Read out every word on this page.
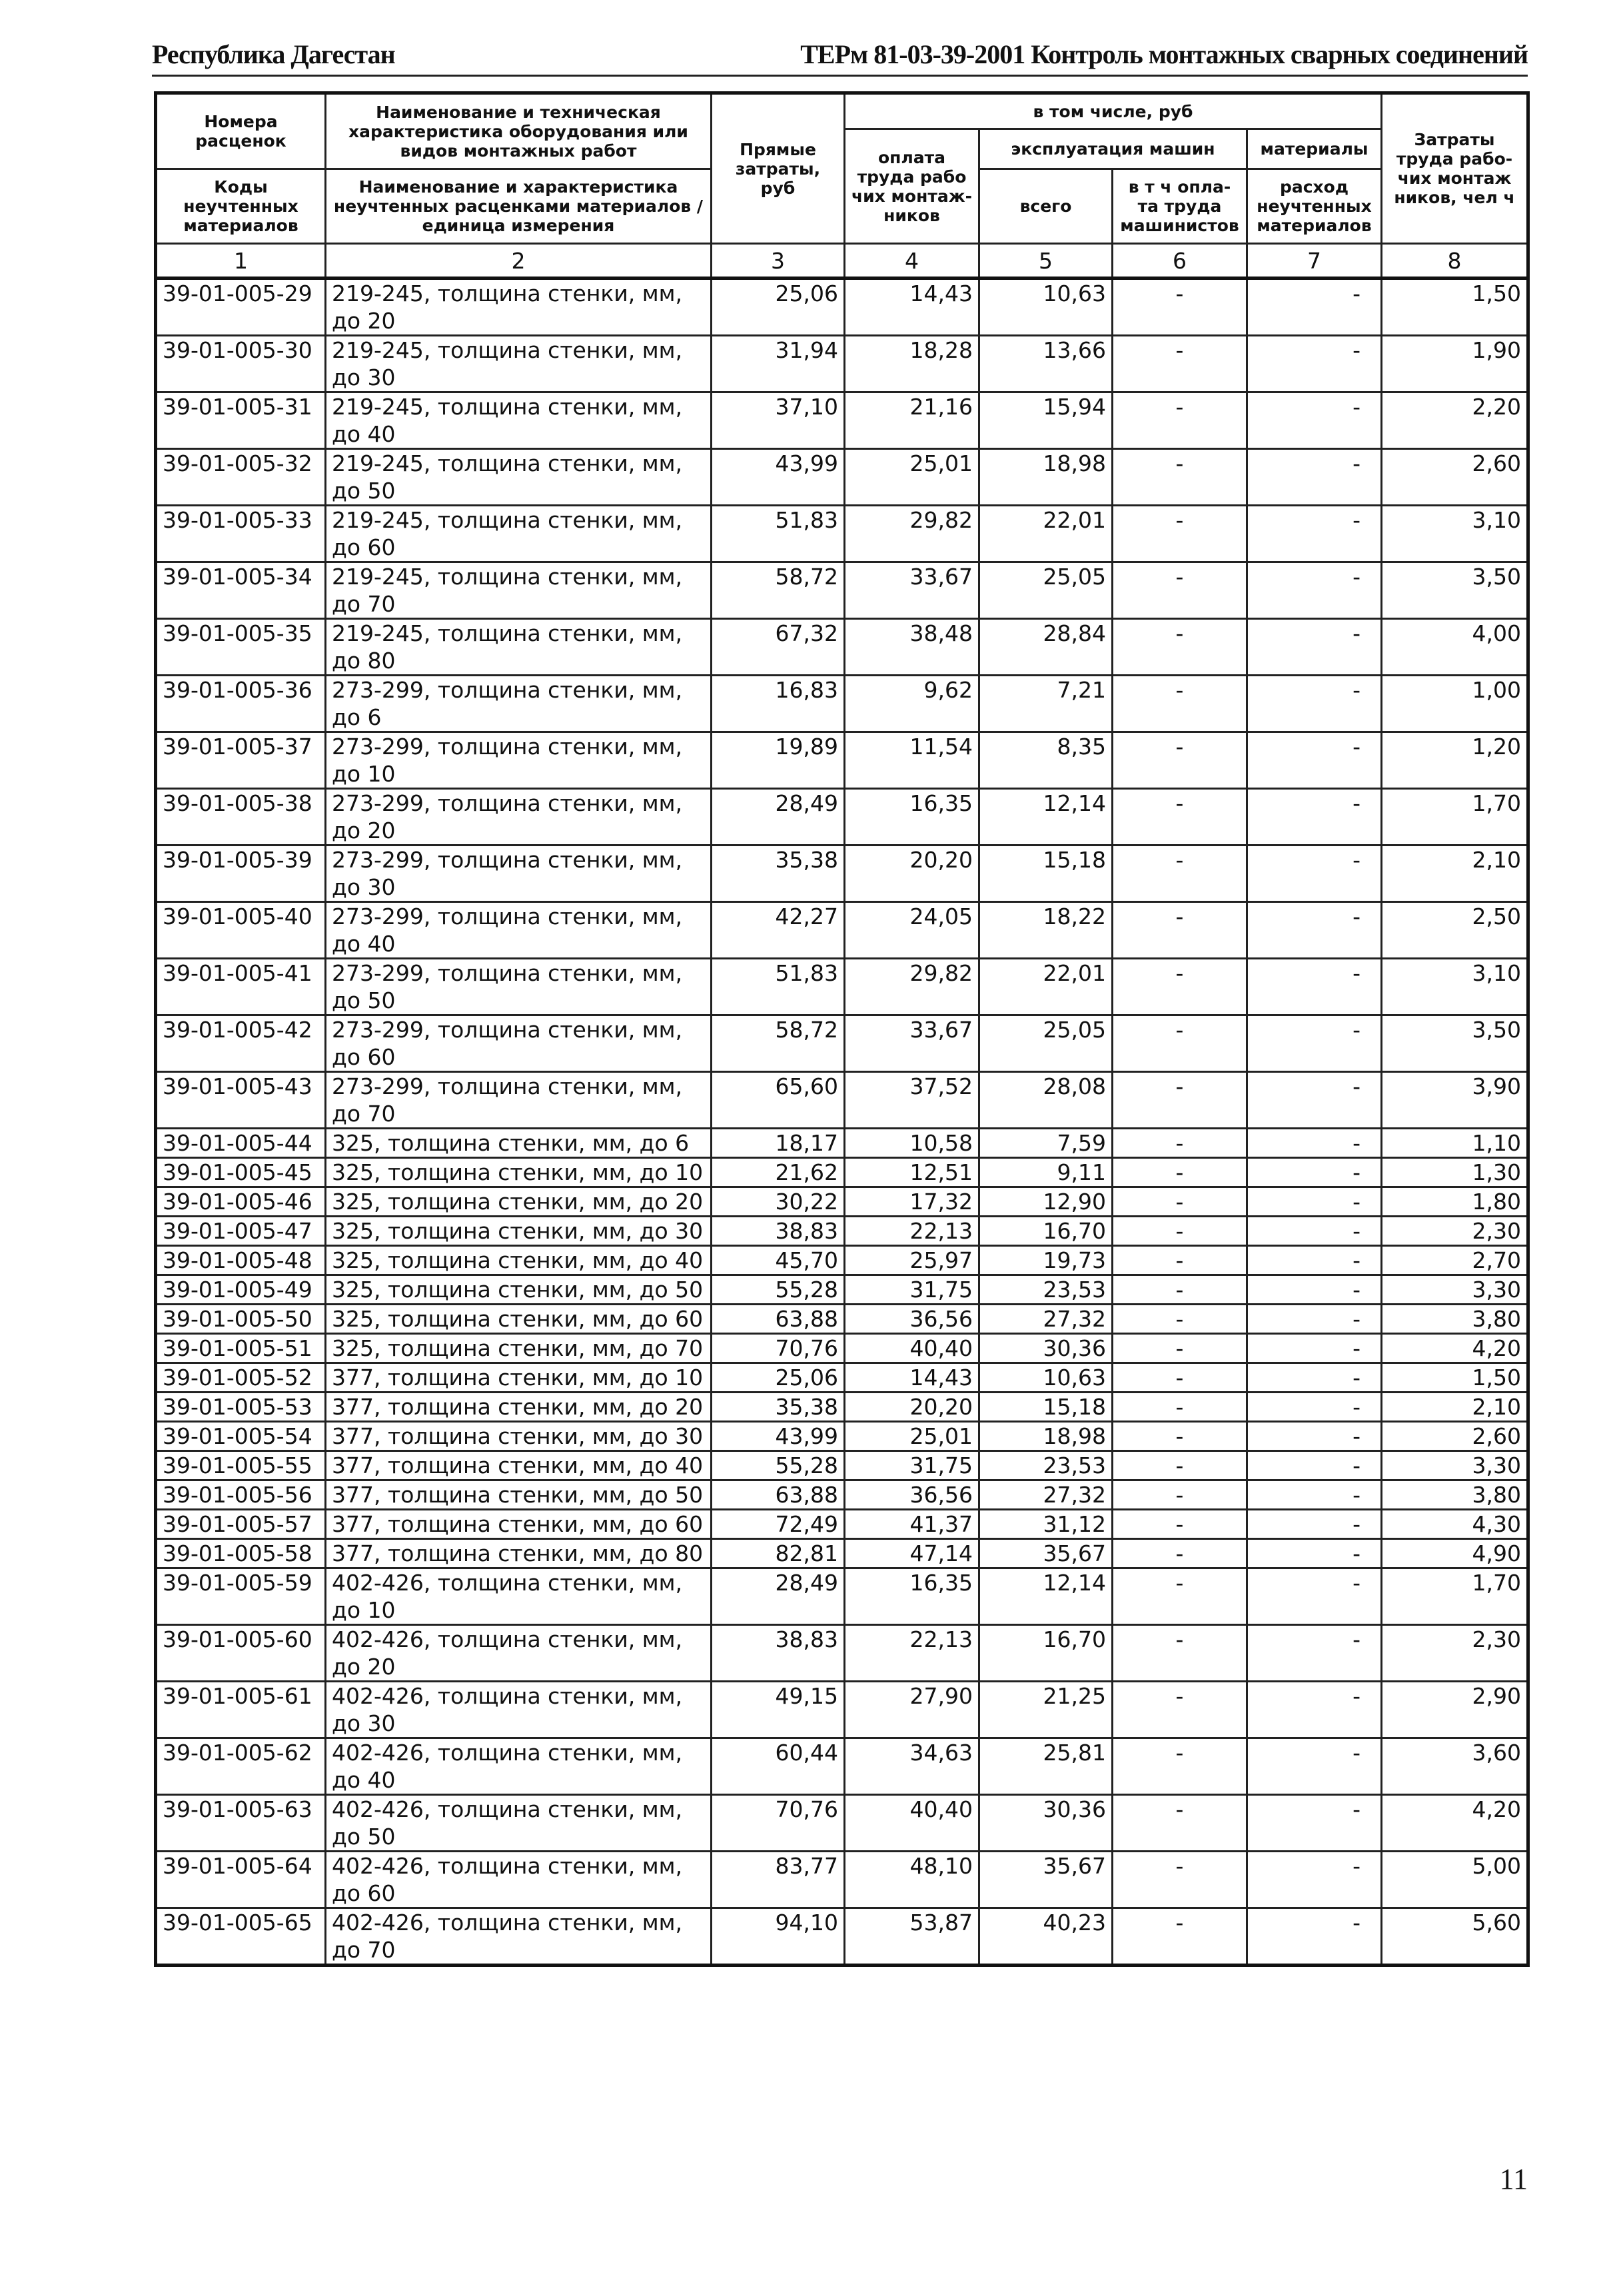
Республика Дагестан	ТЕРм 81-03-39-2001 Контроль монтажных сварных соединений
Номера расценок	Наименование и техническая характеристика оборудования или видов монтажных работ	Прямые затраты, руб	в том числе, руб				Затраты труда рабо-чих монтаж ников, чел ч
			оплата труда рабо чих монтаж-ников	эксплуатация машин		материалы	
Коды неучтенных материалов	Наименование и характеристика неучтенных расценками материалов / единица измерения			всего	в т ч опла-та труда машинистов	расход неучтенных материалов	

1	2	3	4	5	6	7	8
39-01-005-29	219-245, толщина стенки, мм, до 20	25,06	14,43	10,63	-	-	1,50
39-01-005-30	219-245, толщина стенки, мм, до 30	31,94	18,28	13,66	-	-	1,90
39-01-005-31	219-245, толщина стенки, мм, до 40	37,10	21,16	15,94	-	-	2,20
39-01-005-32	219-245, толщина стенки, мм, до 50	43,99	25,01	18,98	-	-	2,60
39-01-005-33	219-245, толщина стенки, мм, до 60	51,83	29,82	22,01	-	-	3,10
39-01-005-34	219-245, толщина стенки, мм, до 70	58,72	33,67	25,05	-	-	3,50
39-01-005-35	219-245, толщина стенки, мм, до 80	67,32	38,48	28,84	-	-	4,00
39-01-005-36	273-299, толщина стенки, мм, до 6	16,83	9,62	7,21	-	-	1,00
39-01-005-37	273-299, толщина стенки, мм, до 10	19,89	11,54	8,35	-	-	1,20
39-01-005-38	273-299, толщина стенки, мм, до 20	28,49	16,35	12,14	-	-	1,70
39-01-005-39	273-299, толщина стенки, мм, до 30	35,38	20,20	15,18	-	-	2,10
39-01-005-40	273-299, толщина стенки, мм, до 40	42,27	24,05	18,22	-	-	2,50
39-01-005-41	273-299, толщина стенки, мм, до 50	51,83	29,82	22,01	-	-	3,10
39-01-005-42	273-299, толщина стенки, мм, до 60	58,72	33,67	25,05	-	-	3,50
39-01-005-43	273-299, толщина стенки, мм, до 70	65,60	37,52	28,08	-	-	3,90
39-01-005-44	325, толщина стенки, мм, до 6	18,17	10,58	7,59	-	-	1,10
39-01-005-45	325, толщина стенки, мм, до 10	21,62	12,51	9,11	-	-	1,30
39-01-005-46	325, толщина стенки, мм, до 20	30,22	17,32	12,90	-	-	1,80
39-01-005-47	325, толщина стенки, мм, до 30	38,83	22,13	16,70	-	-	2,30
39-01-005-48	325, толщина стенки, мм, до 40	45,70	25,97	19,73	-	-	2,70
39-01-005-49	325, толщина стенки, мм, до 50	55,28	31,75	23,53	-	-	3,30
39-01-005-50	325, толщина стенки, мм, до 60	63,88	36,56	27,32	-	-	3,80
39-01-005-51	325, толщина стенки, мм, до 70	70,76	40,40	30,36	-	-	4,20
39-01-005-52	377, толщина стенки, мм, до 10	25,06	14,43	10,63	-	-	1,50
39-01-005-53	377, толщина стенки, мм, до 20	35,38	20,20	15,18	-	-	2,10
39-01-005-54	377, толщина стенки, мм, до 30	43,99	25,01	18,98	-	-	2,60
39-01-005-55	377, толщина стенки, мм, до 40	55,28	31,75	23,53	-	-	3,30
39-01-005-56	377, толщина стенки, мм, до 50	63,88	36,56	27,32	-	-	3,80
39-01-005-57	377, толщина стенки, мм, до 60	72,49	41,37	31,12	-	-	4,30
39-01-005-58	377, толщина стенки, мм, до 80	82,81	47,14	35,67	-	-	4,90
39-01-005-59	402-426, толщина стенки, мм, до 10	28,49	16,35	12,14	-	-	1,70
39-01-005-60	402-426, толщина стенки, мм, до 20	38,83	22,13	16,70	-	-	2,30
39-01-005-61	402-426, толщина стенки, мм, до 30	49,15	27,90	21,25	-	-	2,90
39-01-005-62	402-426, толщина стенки, мм, до 40	60,44	34,63	25,81	-	-	3,60
39-01-005-63	402-426, толщина стенки, мм, до 50	70,76	40,40	30,36	-	-	4,20
39-01-005-64	402-426, толщина стенки, мм, до 60	83,77	48,10	35,67	-	-	5,00
39-01-005-65	402-426, толщина стенки, мм, до 70	94,10	53,87	40,23	-	-	5,60
11
